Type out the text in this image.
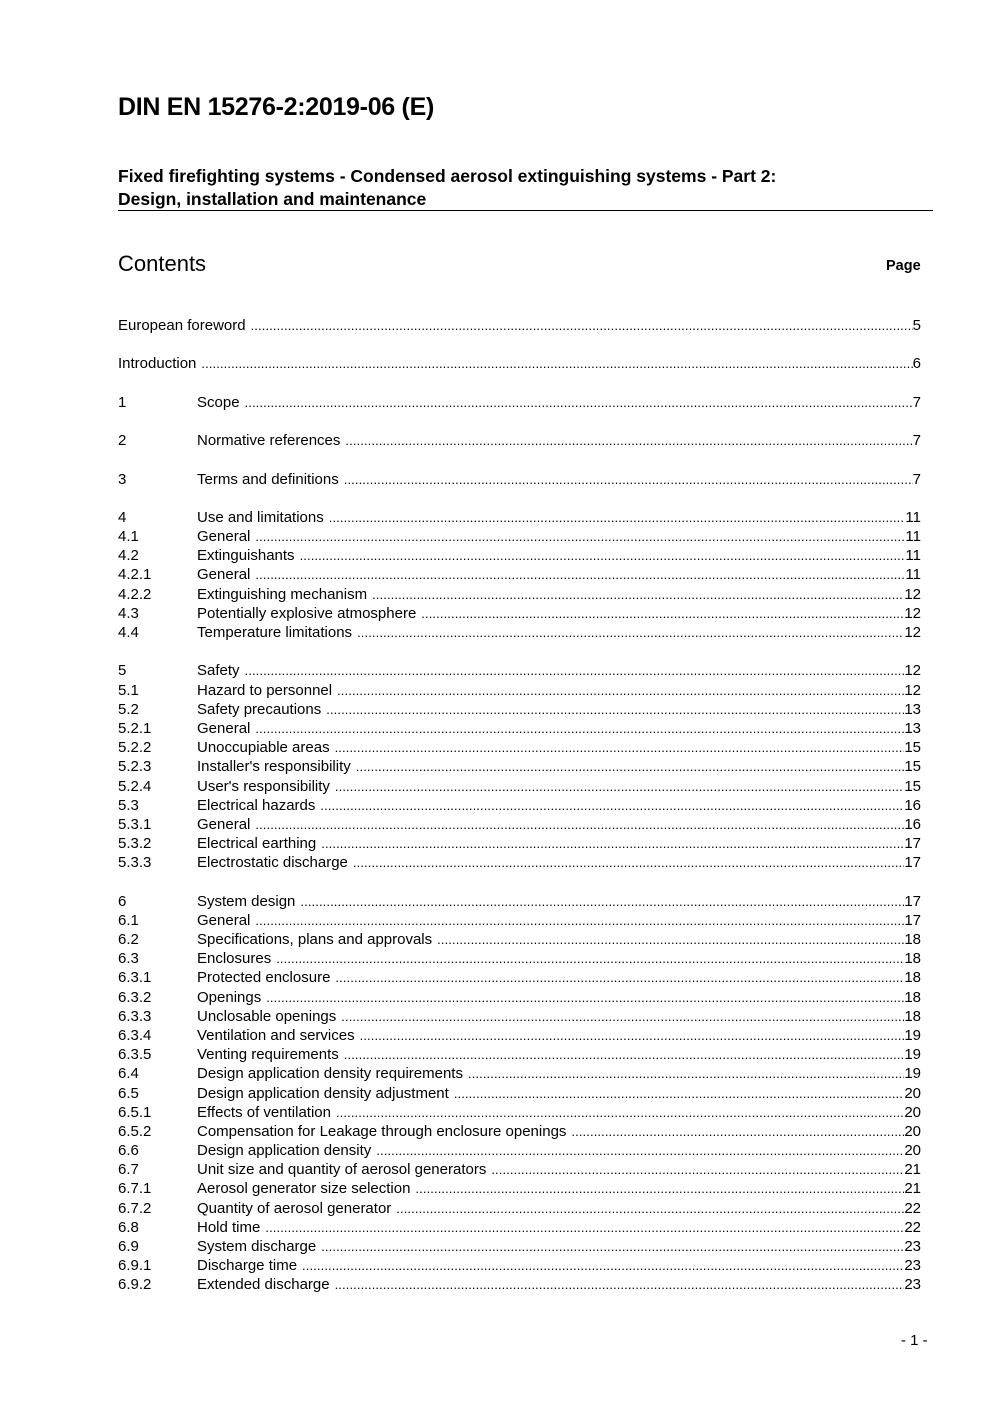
DIN EN 15276-2:2019-06 (E)
Fixed firefighting systems - Condensed aerosol extinguishing systems - Part 2:
Design, installation and maintenance
Contents	Page
European foreword .....	5
Introduction .....	6
1	Scope .....	7
2	Normative references .....	7
3	Terms and definitions .....	7
4	Use and limitations .....	11
4.1	General .....	11
4.2	Extinguishants .....	11
4.2.1	General .....	11
4.2.2	Extinguishing mechanism .....	12
4.3	Potentially explosive atmosphere .....	12
4.4	Temperature limitations .....	12
5	Safety .....	12
5.1	Hazard to personnel .....	12
5.2	Safety precautions .....	13
5.2.1	General .....	13
5.2.2	Unoccupiable areas .....	15
5.2.3	Installer's responsibility .....	15
5.2.4	User's responsibility .....	15
5.3	Electrical hazards .....	16
5.3.1	General .....	16
5.3.2	Electrical earthing .....	17
5.3.3	Electrostatic discharge .....	17
6	System design .....	17
6.1	General .....	17
6.2	Specifications, plans and approvals .....	18
6.3	Enclosures .....	18
6.3.1	Protected enclosure .....	18
6.3.2	Openings .....	18
6.3.3	Unclosable openings .....	18
6.3.4	Ventilation and services .....	19
6.3.5	Venting requirements .....	19
6.4	Design application density requirements .....	19
6.5	Design application density adjustment .....	20
6.5.1	Effects of ventilation .....	20
6.5.2	Compensation for Leakage through enclosure openings .....	20
6.6	Design application density .....	20
6.7	Unit size and quantity of aerosol generators .....	21
6.7.1	Aerosol generator size selection .....	21
6.7.2	Quantity of aerosol generator .....	22
6.8	Hold time .....	22
6.9	System discharge .....	23
6.9.1	Discharge time .....	23
6.9.2	Extended discharge .....	23
- 1 -
